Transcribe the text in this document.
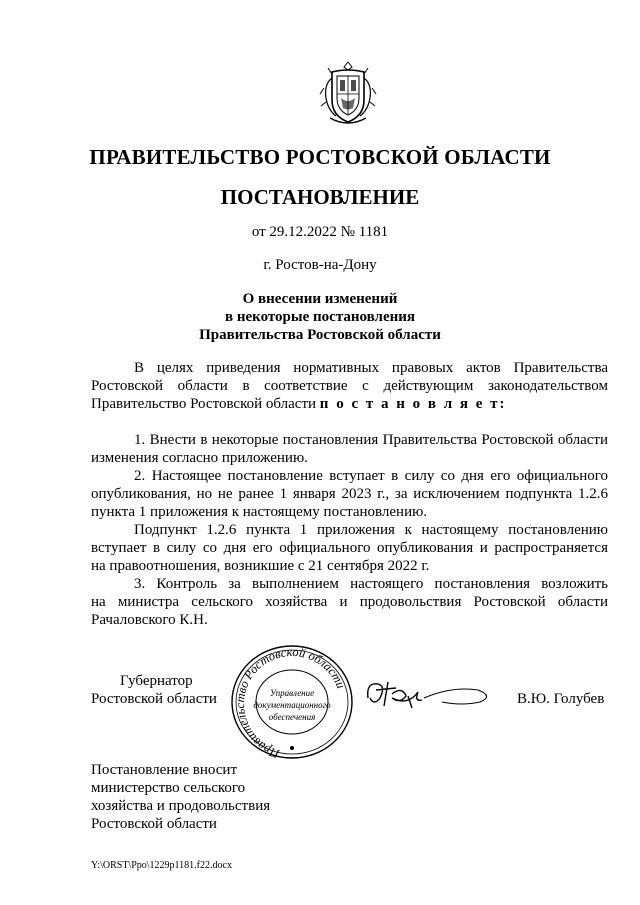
ПРАВИТЕЛЬСТВО РОСТОВСКОЙ ОБЛАСТИ
ПОСТАНОВЛЕНИЕ
от 29.12.2022 № 1181
г. Ростов-на-Дону
О внесении изменений
в некоторые постановления
Правительства Ростовской области
В целях приведения нормативных правовых актов Правительства
Ростовской области в соответствие с действующим законодательством
Правительство Ростовской области п о с т а н о в л я е т:
1. Внести в некоторые постановления Правительства Ростовской области
изменения согласно приложению.
2. Настоящее постановление вступает в силу со дня его официального
опубликования, но не ранее 1 января 2023 г., за исключением подпункта 1.2.6
пункта 1 приложения к настоящему постановлению.
Подпункт 1.2.6 пункта 1 приложения к настоящему постановлению
вступает в силу со дня его официального опубликования и распространяется
на правоотношения, возникшие с 21 сентября 2022 г.
3. Контроль за выполнением настоящего постановления возложить
на министра сельского хозяйства и продовольствия Ростовской области
Рачаловского К.Н.
Губернатор
Ростовской области	В.Ю. Голубев
Правительство Ростовской области
Управление
документационного
обеспечения
Постановление вносит
министерство сельского
хозяйства и продовольствия
Ростовской области
Y:\ORST\Ppo\1229p1181.f22.docx
